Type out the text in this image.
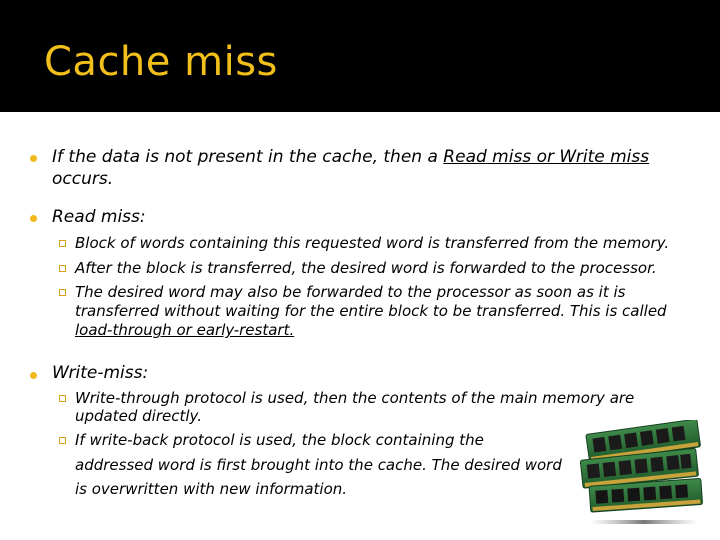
Cache miss
If the data is not present in the cache, then a Read miss or Write miss
occurs.
Read miss:
Block of words containing this requested word is transferred from the memory.
After the block is transferred, the desired word is forwarded to the processor.
The desired word may also be forwarded to the processor as soon as it is
transferred without waiting for the entire block to be transferred. This is called
load-through or early-restart.
Write-miss:
Write-through protocol is used, then the contents of the main memory are
updated directly.
If write-back protocol is used, the block containing the
addressed word is first brought into the cache. The desired word
is overwritten with new information.
